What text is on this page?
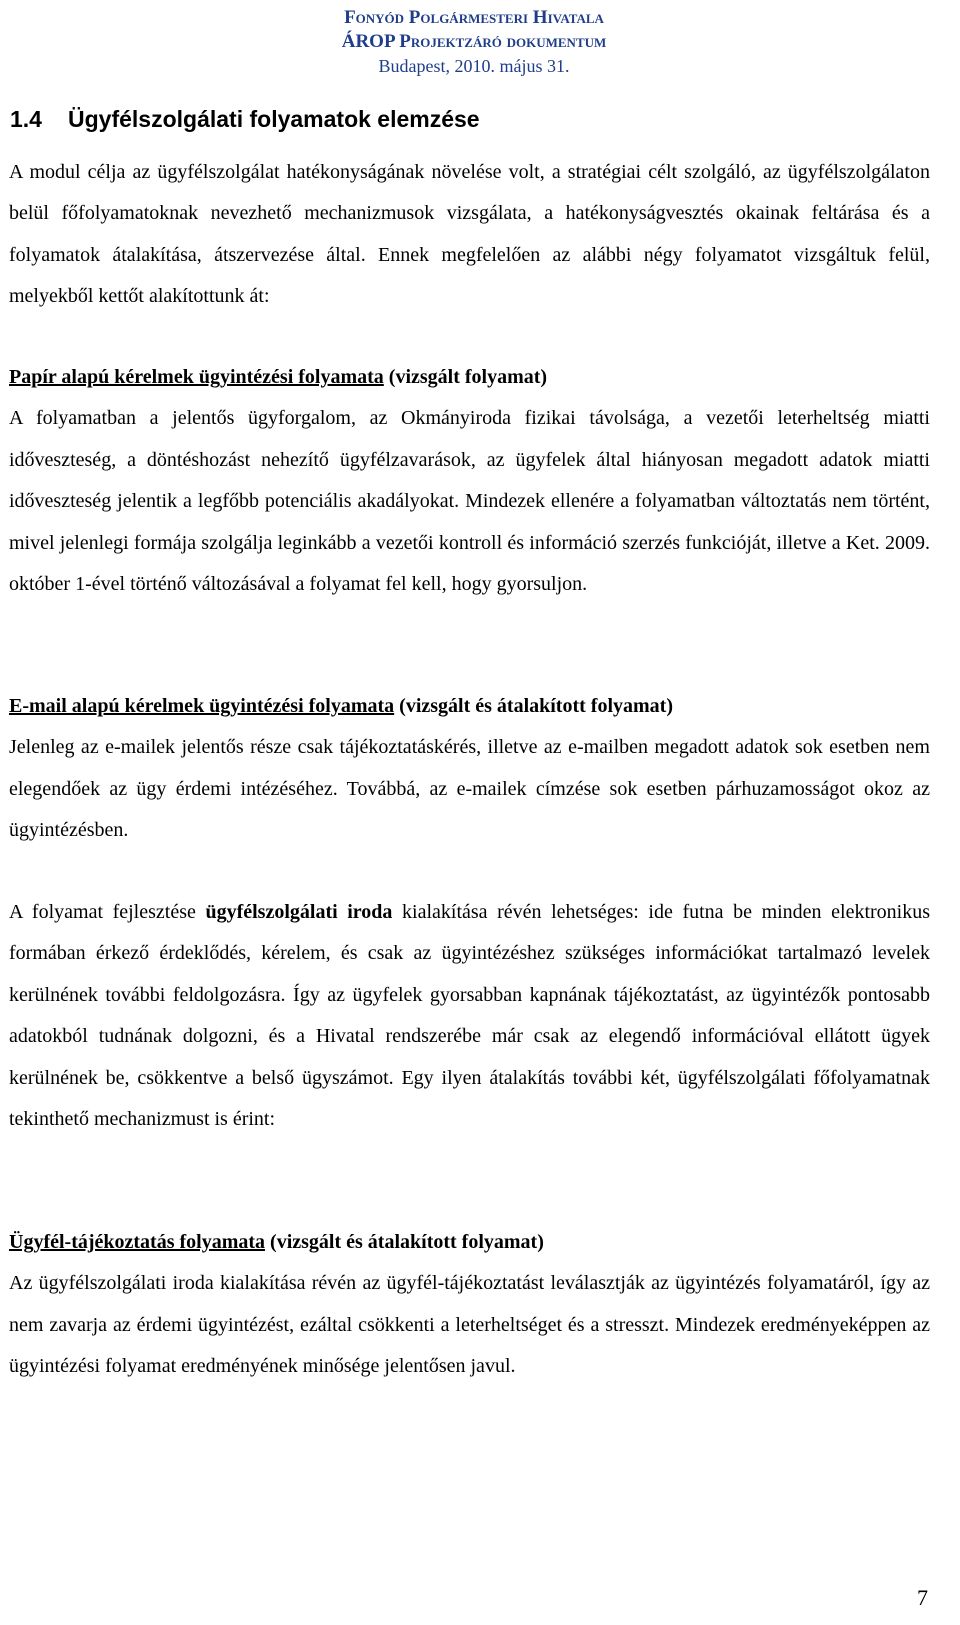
Fonyód Polgármesteri Hivatala
ÁROP Projektzáró dokumentum
Budapest, 2010. május 31.
1.4 Ügyfélszolgálati folyamatok elemzése

A modul célja az ügyfélszolgálat hatékonyságának növelése volt, a stratégiai célt szolgáló, az ügyfélszolgálaton belül főfolyamatoknak nevezhető mechanizmusok vizsgálata, a hatékonyságvesztés okainak feltárása és a folyamatok átalakítása, átszervezése által. Ennek megfelelően az alábbi négy folyamatot vizsgáltuk felül, melyekből kettőt alakítottunk át:

Papír alapú kérelmek ügyintézési folyamata (vizsgált folyamat)
A folyamatban a jelentős ügyforgalom, az Okmányiroda fizikai távolsága, a vezetői leterheltség miatti időveszteség, a döntéshozást nehezítő ügyfélzavarások, az ügyfelek által hiányosan megadott adatok miatti időveszteség jelentik a legfőbb potenciális akadályokat. Mindezek ellenére a folyamatban változtatás nem történt, mivel jelenlegi formája szolgálja leginkább a vezetői kontroll és információ szerzés funkcióját, illetve a Ket. 2009. október 1-ével történő változásával a folyamat fel kell, hogy gyorsuljon.

E-mail alapú kérelmek ügyintézési folyamata (vizsgált és átalakított folyamat)
Jelenleg az e-mailek jelentős része csak tájékoztatáskérés, illetve az e-mailben megadott adatok sok esetben nem elegendőek az ügy érdemi intézéséhez. Továbbá, az e-mailek címzése sok esetben párhuzamosságot okoz az ügyintézésben.

A folyamat fejlesztése ügyfélszolgálati iroda kialakítása révén lehetséges: ide futna be minden elektronikus formában érkező érdeklődés, kérelem, és csak az ügyintézéshez szükséges információkat tartalmazó levelek kerülnének további feldolgozásra. Így az ügyfelek gyorsabban kapnának tájékoztatást, az ügyintézők pontosabb adatokból tudnának dolgozni, és a Hivatal rendszerébe már csak az elegendő információval ellátott ügyek kerülnének be, csökkentve a belső ügyszámot. Egy ilyen átalakítás további két, ügyfélszolgálati főfolyamatnak tekinthető mechanizmust is érint:

Ügyfél-tájékoztatás folyamata (vizsgált és átalakított folyamat)
Az ügyfélszolgálati iroda kialakítása révén az ügyfél-tájékoztatást leválasztják az ügyintézés folyamatáról, így az nem zavarja az érdemi ügyintézést, ezáltal csökkenti a leterheltséget és a stresszt. Mindezek eredményeképpen az ügyintézési folyamat eredményének minősége jelentősen javul.

7
